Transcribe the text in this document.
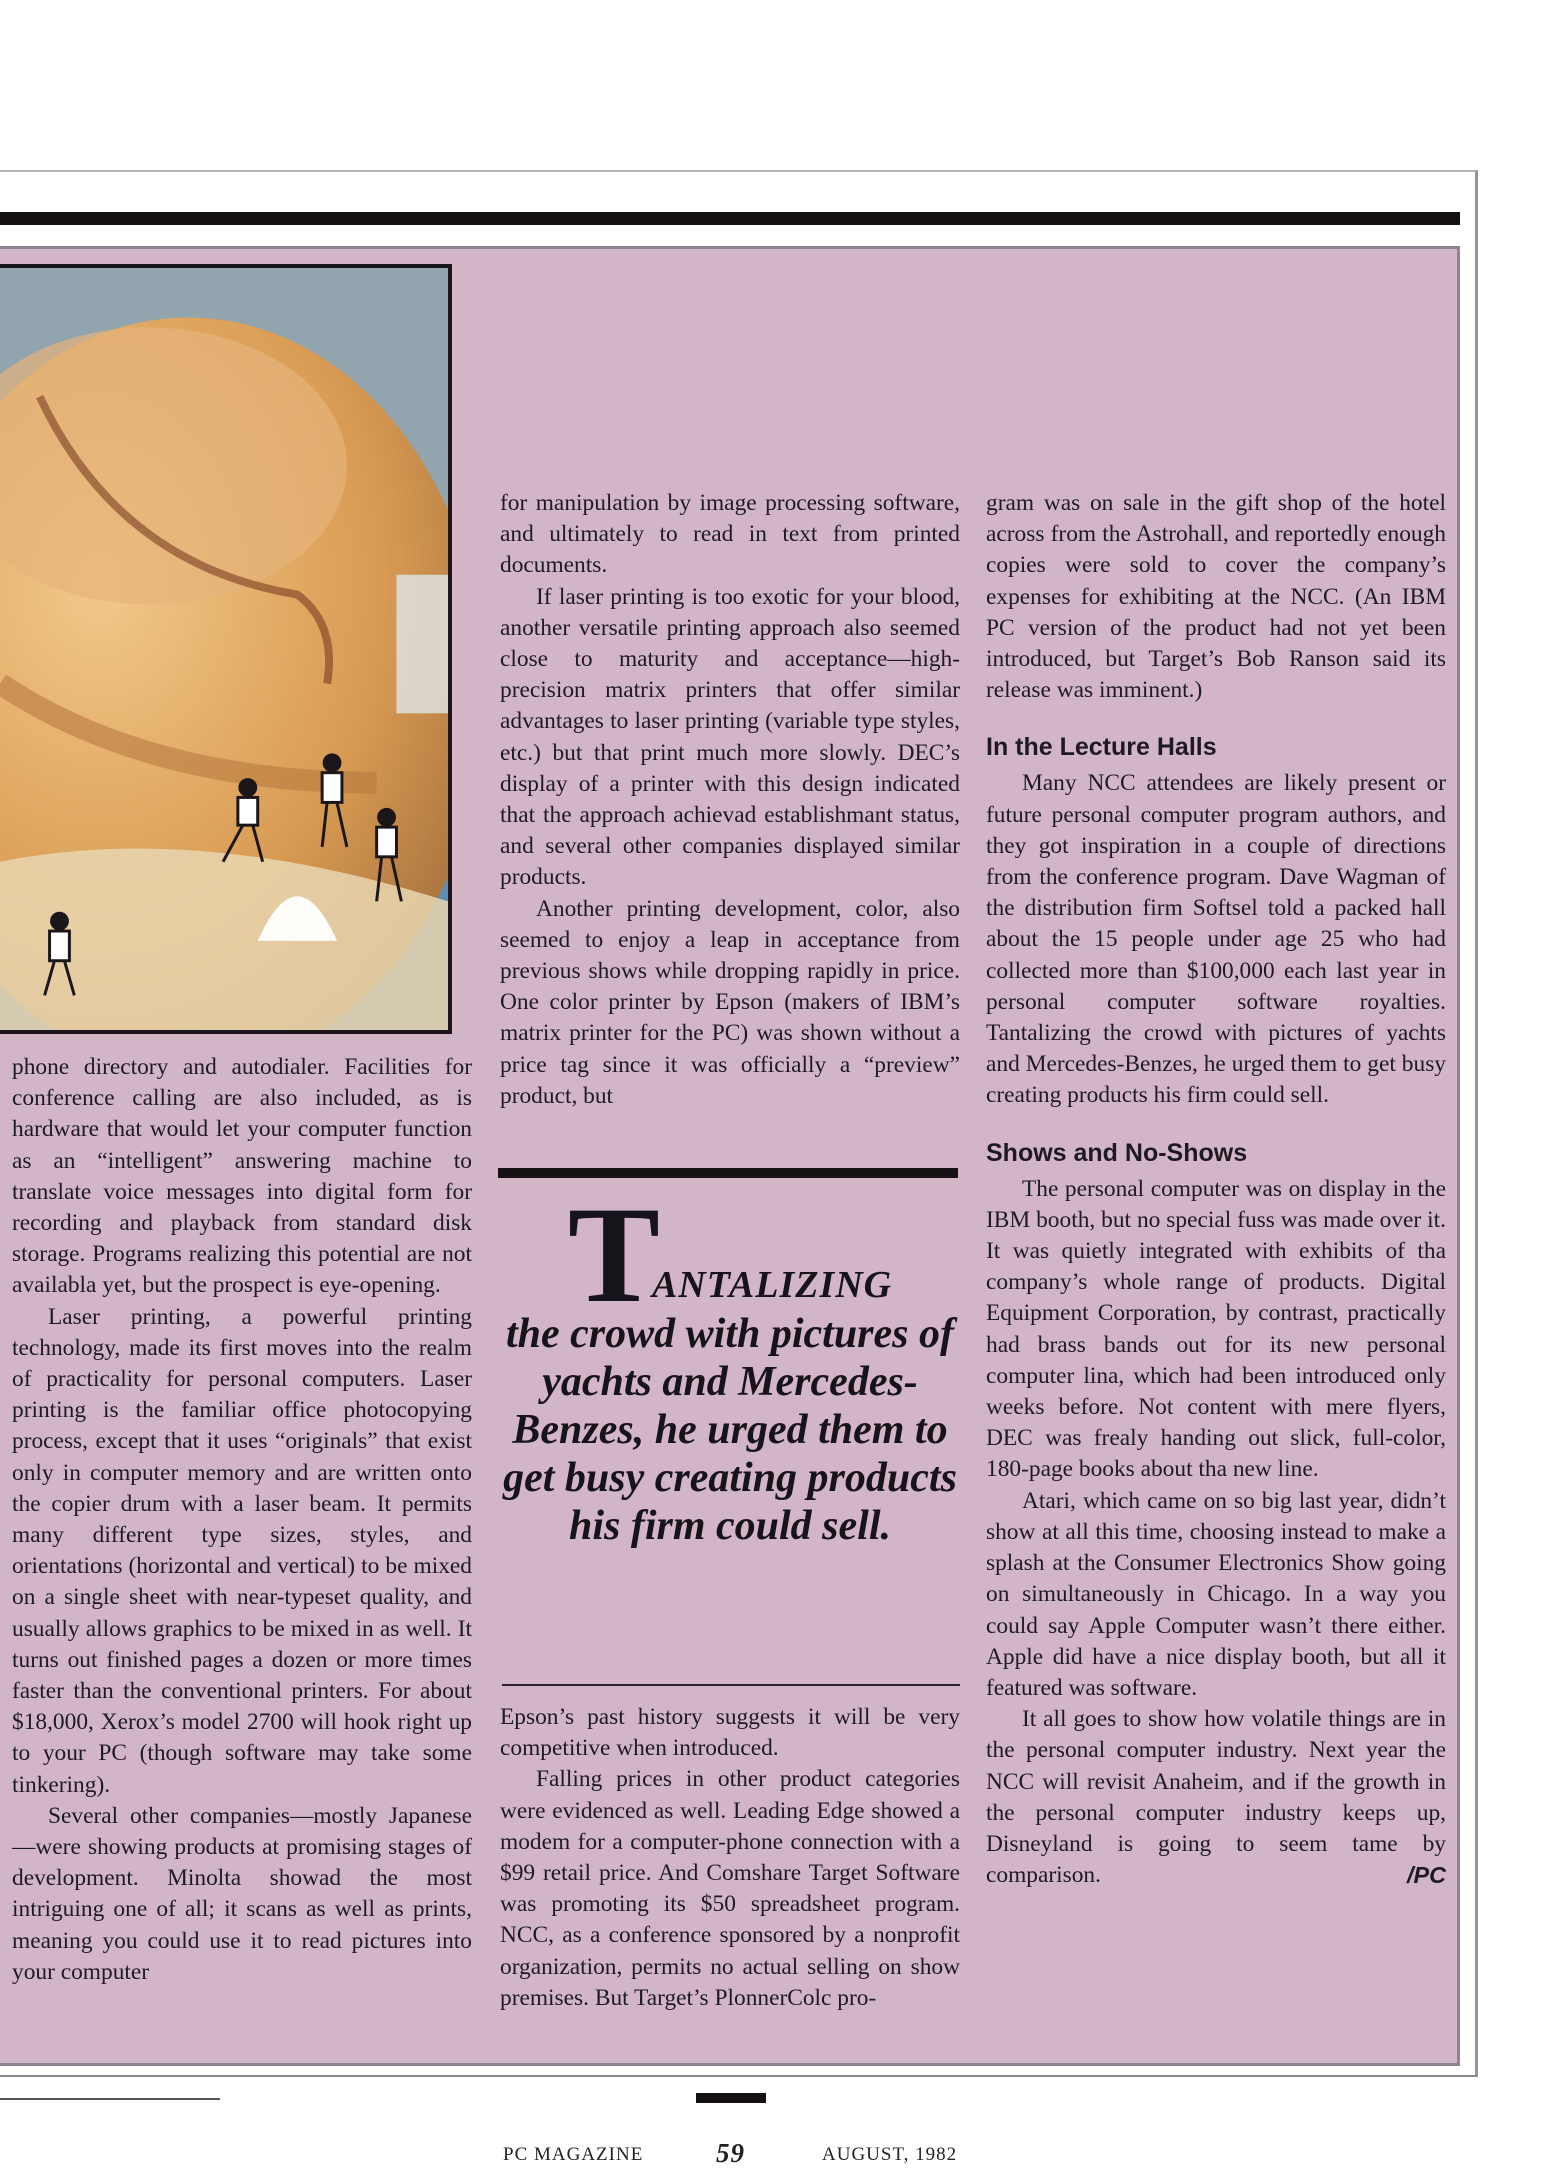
phone directory and autodialer. Facilities for conference calling are also included, as is hardware that would let your computer function as an “intelligent” answering machine to translate voice messages into digital form for recording and playback from standard disk storage. Programs realizing this potential are not availabla yet, but the prospect is eye-opening.

Laser printing, a powerful printing technology, made its first moves into the realm of practicality for personal computers. Laser printing is the familiar office photocopying process, except that it uses “originals” that exist only in computer memory and are written onto the copier drum with a laser beam. It permits many different type sizes, styles, and orientations (horizontal and vertical) to be mixed on a single sheet with near-typeset quality, and usually allows graphics to be mixed in as well. It turns out finished pages a dozen or more times faster than the conventional printers. For about $18,000, Xerox’s model 2700 will hook right up to your PC (though software may take some tinkering).

Several other companies—mostly Japanese—were showing products at promising stages of development. Minolta showad the most intriguing one of all; it scans as well as prints, meaning you could use it to read pictures into your computer

for manipulation by image processing software, and ultimately to read in text from printed documents.

If laser printing is too exotic for your blood, another versatile printing approach also seemed close to maturity and acceptance—high-precision matrix printers that offer similar advantages to laser printing (variable type styles, etc.) but that print much more slowly. DEC’s display of a printer with this design indicated that the approach achievad establishmant status, and several other companies displayed similar products.

Another printing development, color, also seemed to enjoy a leap in acceptance from previous shows while dropping rapidly in price. One color printer by Epson (makers of IBM’s matrix printer for the PC) was shown without a price tag since it was officially a “preview” product, but

TANTALIZING
the crowd with pictures of yachts and Mercedes-Benzes, he urged them to get busy creating products his firm could sell.

Epson’s past history suggests it will be very competitive when introduced.

Falling prices in other product categories were evidenced as well. Leading Edge showed a modem for a computer-phone connection with a $99 retail price. And Comshare Target Software was promoting its $50 spreadsheet program. NCC, as a conference sponsored by a nonprofit organization, permits no actual selling on show premises. But Target’s PlonnerColc pro-

gram was on sale in the gift shop of the hotel across from the Astrohall, and reportedly enough copies were sold to cover the company’s expenses for exhibiting at the NCC. (An IBM PC version of the product had not yet been introduced, but Target’s Bob Ranson said its release was imminent.)

In the Lecture Halls

Many NCC attendees are likely present or future personal computer program authors, and they got inspiration in a couple of directions from the conference program. Dave Wagman of the distribution firm Softsel told a packed hall about the 15 people under age 25 who had collected more than $100,000 each last year in personal computer software royalties. Tantalizing the crowd with pictures of yachts and Mercedes-Benzes, he urged them to get busy creating products his firm could sell.

Shows and No-Shows

The personal computer was on display in the IBM booth, but no special fuss was made over it. It was quietly integrated with exhibits of tha company’s whole range of products. Digital Equipment Corporation, by contrast, practically had brass bands out for its new personal computer lina, which had been introduced only weeks before. Not content with mere flyers, DEC was frealy handing out slick, full-color, 180-page books about tha new line.

Atari, which came on so big last year, didn’t show at all this time, choosing instead to make a splash at the Consumer Electronics Show going on simultaneously in Chicago. In a way you could say Apple Computer wasn’t there either. Apple did have a nice display booth, but all it featured was software.

It all goes to show how volatile things are in the personal computer industry. Next year the NCC will revisit Anaheim, and if the growth in the personal computer industry keeps up, Disneyland is going to seem tame by comparison.	/PC

PC MAGAZINE	59	AUGUST, 1982
